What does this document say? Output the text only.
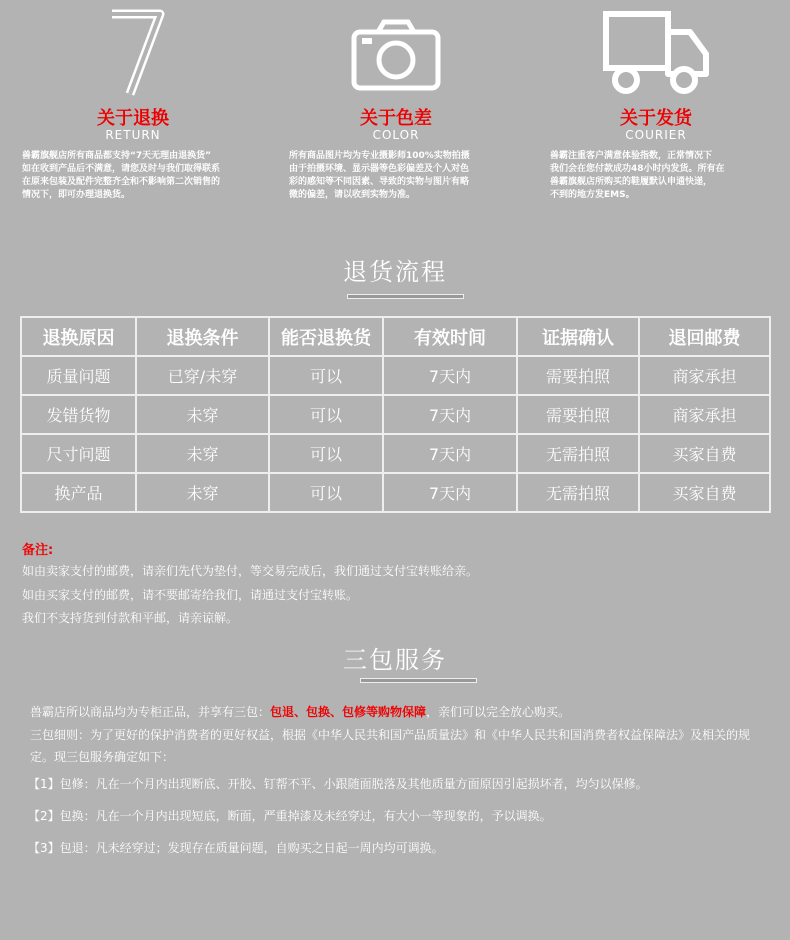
关于退换
RETURN
兽霸旗舰店所有商品都支持“7天无理由退换货”
如在收到产品后不满意，请您及时与我们取得联系
在原来包装及配件完整齐全和不影响第二次销售的
情况下，即可办理退换货。
关于色差
COLOR
所有商品图片均为专业摄影师100%实物拍摄
由于拍摄环境、显示器等色彩偏差及个人对色
彩的感知等不同因素、导致的实物与图片有略
微的偏差，请以收到实物为准。
关于发货
COURIER
兽霸注重客户满意体验指数，正常情况下
我们会在您付款成功48小时内发货。所有在
兽霸旗舰店所购买的鞋履默认申通快递，
不到的地方发EMS。
退货流程
退换原因	退换条件	能否退换货	有效时间	证据确认	退回邮费
质量问题	已穿/未穿	可以	7天内	需要拍照	商家承担
发错货物	未穿	可以	7天内	需要拍照	商家承担
尺寸问题	未穿	可以	7天内	无需拍照	买家自费
换产品	未穿	可以	7天内	无需拍照	买家自费
备注:
如由卖家支付的邮费，请亲们先代为垫付，等交易完成后，我们通过支付宝转账给亲。
如由买家支付的邮费，请不要邮寄给我们，请通过支付宝转账。
我们不支持货到付款和平邮，请亲谅解。
三包服务
兽霸店所以商品均为专柜正品，并享有三包：包退、包换、包修等购物保障，亲们可以完全放心购买。
三包细则：为了更好的保护消费者的更好权益，根据《中华人民共和国产品质量法》和《中华人民共和国消费者权益保障法》及相关的规定。现三包服务确定如下：
【1】包修：凡在一个月内出现断底、开胶、钉帮不平、小跟随面脱落及其他质量方面原因引起损坏者，均匀以保修。
【2】包换：凡在一个月内出现短底，断面，严重掉漆及未经穿过，有大小一等现象的，予以调换。
【3】包退：凡未经穿过；发现存在质量问题，自购买之日起一周内均可调换。
